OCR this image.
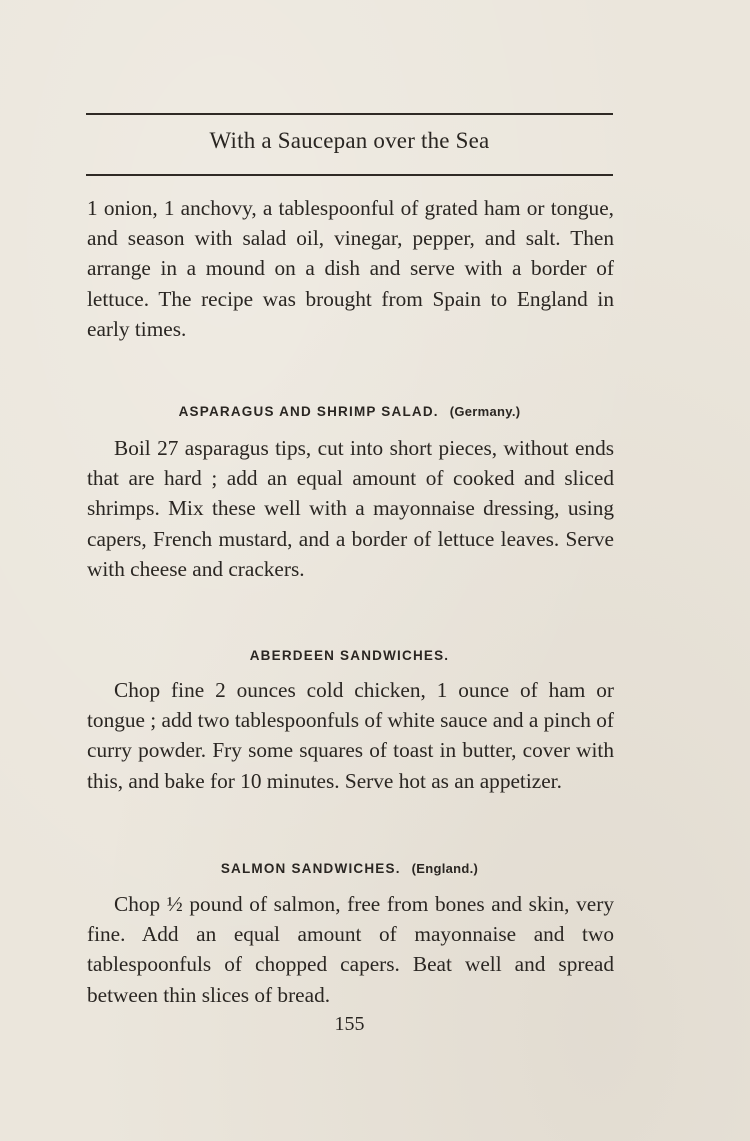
With a Saucepan over the Sea

1 onion, 1 anchovy, a tablespoonful of grated ham or tongue, and season with salad oil, vinegar, pepper, and salt. Then arrange in a mound on a dish and serve with a border of lettuce. The recipe was brought from Spain to England in early times.

ASPARAGUS AND SHRIMP SALAD. (Germany.)

Boil 27 asparagus tips, cut into short pieces, without ends that are hard ; add an equal amount of cooked and sliced shrimps. Mix these well with a mayonnaise dressing, using capers, French mustard, and a border of lettuce leaves. Serve with cheese and crackers.

ABERDEEN SANDWICHES.

Chop fine 2 ounces cold chicken, 1 ounce of ham or tongue ; add two tablespoonfuls of white sauce and a pinch of curry powder. Fry some squares of toast in butter, cover with this, and bake for 10 minutes. Serve hot as an appetizer.

SALMON SANDWICHES. (England.)

Chop ½ pound of salmon, free from bones and skin, very fine. Add an equal amount of mayonnaise and two tablespoonfuls of chopped capers. Beat well and spread between thin slices of bread.

155
